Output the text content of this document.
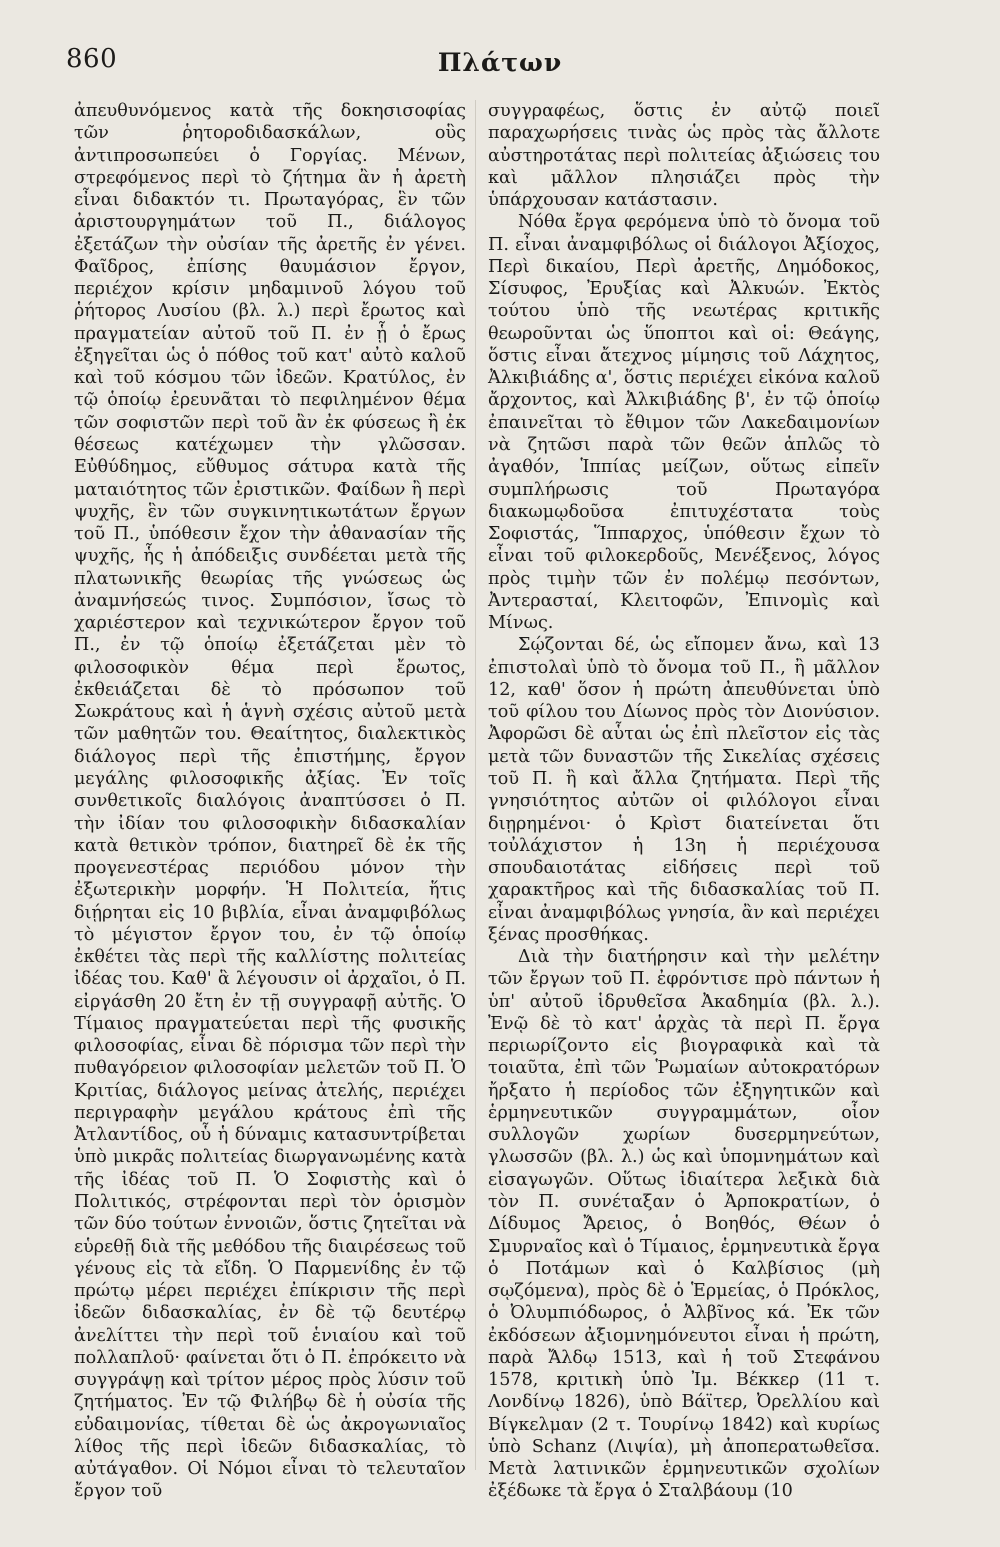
860	Πλάτων

ἀπευθυνόμενος κατὰ τῆς δοκησισοφίας τῶν ῥητοροδιδασκάλων, οὓς ἀντιπροσωπεύει ὁ Γοργίας. Μένων, στρεφόμενος περὶ τὸ ζήτημα ἂν ἡ ἀρετὴ εἶναι διδακτόν τι. Πρωταγόρας, ἓν τῶν ἀριστουργημάτων τοῦ Π., διάλογος ἐξετάζων τὴν οὐσίαν τῆς ἀρετῆς ἐν γένει. Φαῖδρος, ἐπίσης θαυμάσιον ἔργον, περιέχον κρίσιν μηδαμινοῦ λόγου τοῦ ῥήτορος Λυσίου (βλ. λ.) περὶ ἔρωτος καὶ πραγματείαν αὐτοῦ τοῦ Π. ἐν ᾗ ὁ ἔρως ἐξηγεῖται ὡς ὁ πόθος τοῦ κατ' αὐτὸ καλοῦ καὶ τοῦ κόσμου τῶν ἰδεῶν. Κρατύλος, ἐν τῷ ὁποίῳ ἐρευνᾶται τὸ πεφιλημένον θέμα τῶν σοφιστῶν περὶ τοῦ ἂν ἐκ φύσεως ἢ ἐκ θέσεως κατέχωμεν τὴν γλῶσσαν. Εὐθύδημος, εὔθυμος σάτυρα κατὰ τῆς ματαιότητος τῶν ἐριστικῶν. Φαίδων ἢ περὶ ψυχῆς, ἓν τῶν συγκινητικωτάτων ἔργων τοῦ Π., ὑπόθεσιν ἔχον τὴν ἀθανασίαν τῆς ψυχῆς, ἧς ἡ ἀπόδειξις συνδέεται μετὰ τῆς πλατωνικῆς θεωρίας τῆς γνώσεως ὡς ἀναμνήσεώς τινος. Συμπόσιον, ἴσως τὸ χαριέστερον καὶ τεχνικώτερον ἔργον τοῦ Π., ἐν τῷ ὁποίῳ ἐξετάζεται μὲν τὸ φιλοσοφικὸν θέμα περὶ ἔρωτος, ἐκθειάζεται δὲ τὸ πρόσωπον τοῦ Σωκράτους καὶ ἡ ἁγνὴ σχέσις αὐτοῦ μετὰ τῶν μαθητῶν του. Θεαίτητος, διαλεκτικὸς διάλογος περὶ τῆς ἐπιστήμης, ἔργον μεγάλης φιλοσοφικῆς ἀξίας. Ἐν τοῖς συνθετικοῖς διαλόγοις ἀναπτύσσει ὁ Π. τὴν ἰδίαν του φιλοσοφικὴν διδασκαλίαν κατὰ θετικὸν τρόπον, διατηρεῖ δὲ ἐκ τῆς προγενεστέρας περιόδου μόνον τὴν ἐξωτερικὴν μορφήν. Ἡ Πολιτεία, ἥτις διῄρηται εἰς 10 βιβλία, εἶναι ἀναμφιβόλως τὸ μέγιστον ἔργον του, ἐν τῷ ὁποίῳ ἐκθέτει τὰς περὶ τῆς καλλίστης πολιτείας ἰδέας του. Καθ' ἃ λέγουσιν οἱ ἀρχαῖοι, ὁ Π. εἰργάσθη 20 ἔτη ἐν τῇ συγγραφῇ αὐτῆς. Ὁ Τίμαιος πραγματεύεται περὶ τῆς φυσικῆς φιλοσοφίας, εἶναι δὲ πόρισμα τῶν περὶ τὴν πυθαγόρειον φιλοσοφίαν μελετῶν τοῦ Π. Ὁ Κριτίας, διάλογος μείνας ἀτελής, περιέχει περιγραφὴν μεγάλου κράτους ἐπὶ τῆς Ἀτλαντίδος, οὗ ἡ δύναμις κατασυντρίβεται ὑπὸ μικρᾶς πολιτείας διωργανωμένης κατὰ τῆς ἰδέας τοῦ Π. Ὁ Σοφιστὴς καὶ ὁ Πολιτικός, στρέφονται περὶ τὸν ὁρισμὸν τῶν δύο τούτων ἐννοιῶν, ὅστις ζητεῖται νὰ εὑρεθῇ διὰ τῆς μεθόδου τῆς διαιρέσεως τοῦ γένους εἰς τὰ εἴδη. Ὁ Παρμενίδης ἐν τῷ πρώτῳ μέρει περιέχει ἐπίκρισιν τῆς περὶ ἰδεῶν διδασκαλίας, ἐν δὲ τῷ δευτέρῳ ἀνελίττει τὴν περὶ τοῦ ἑνιαίου καὶ τοῦ πολλαπλοῦ· φαίνεται ὅτι ὁ Π. ἐπρόκειτο νὰ συγγράψῃ καὶ τρίτον μέρος πρὸς λύσιν τοῦ ζητήματος. Ἐν τῷ Φιλήβῳ δὲ ἡ οὐσία τῆς εὐδαιμονίας, τίθεται δὲ ὡς ἀκρογωνιαῖος λίθος τῆς περὶ ἰδεῶν διδασκαλίας, τὸ αὐτάγαθον. Οἱ Νόμοι εἶναι τὸ τελευταῖον ἔργον τοῦ

συγγραφέως, ὅστις ἐν αὐτῷ ποιεῖ παραχωρήσεις τινὰς ὡς πρὸς τὰς ἄλλοτε αὐστηροτάτας περὶ πολιτείας ἀξιώσεις του καὶ μᾶλλον πλησιάζει πρὸς τὴν ὑπάρχουσαν κατάστασιν.

Νόθα ἔργα φερόμενα ὑπὸ τὸ ὄνομα τοῦ Π. εἶναι ἀναμφιβόλως οἱ διάλογοι Ἀξίοχος, Περὶ δικαίου, Περὶ ἀρετῆς, Δημόδοκος, Σίσυφος, Ἐρυξίας καὶ Ἀλκυών. Ἐκτὸς τούτου ὑπὸ τῆς νεωτέρας κριτικῆς θεωροῦνται ὡς ὕποπτοι καὶ οἱ: Θεάγης, ὅστις εἶναι ἄτεχνος μίμησις τοῦ Λάχητος, Ἀλκιβιάδης α', ὅστις περιέχει εἰκόνα καλοῦ ἄρχοντος, καὶ Ἀλκιβιάδης β', ἐν τῷ ὁποίῳ ἐπαινεῖται τὸ ἔθιμον τῶν Λακεδαιμονίων νὰ ζητῶσι παρὰ τῶν θεῶν ἁπλῶς τὸ ἀγαθόν, Ἱππίας μείζων, οὕτως εἰπεῖν συμπλήρωσις τοῦ Πρωταγόρα διακωμῳδοῦσα ἐπιτυχέστατα τοὺς Σοφιστάς, Ἵππαρχος, ὑπόθεσιν ἔχων τὸ εἶναι τοῦ φιλοκερδοῦς, Μενέξενος, λόγος πρὸς τιμὴν τῶν ἐν πολέμῳ πεσόντων, Ἀντερασταί, Κλειτοφῶν, Ἐπινομὶς καὶ Μίνως.

Σῴζονται δέ, ὡς εἴπομεν ἄνω, καὶ 13 ἐπιστολαὶ ὑπὸ τὸ ὄνομα τοῦ Π., ἢ μᾶλλον 12, καθ' ὅσον ἡ πρώτη ἀπευθύνεται ὑπὸ τοῦ φίλου του Δίωνος πρὸς τὸν Διονύσιον. Ἀφορῶσι δὲ αὗται ὡς ἐπὶ πλεῖστον εἰς τὰς μετὰ τῶν δυναστῶν τῆς Σικελίας σχέσεις τοῦ Π. ἢ καὶ ἄλλα ζητήματα. Περὶ τῆς γνησιότητος αὐτῶν οἱ φιλόλογοι εἶναι διῃρημένοι· ὁ Κρὶστ διατείνεται ὅτι τοὐλάχιστον ἡ 13η ἡ περιέχουσα σπουδαιοτάτας εἰδήσεις περὶ τοῦ χαρακτῆρος καὶ τῆς διδασκαλίας τοῦ Π. εἶναι ἀναμφιβόλως γνησία, ἂν καὶ περιέχει ξένας προσθήκας.

Διὰ τὴν διατήρησιν καὶ τὴν μελέτην τῶν ἔργων τοῦ Π. ἐφρόντισε πρὸ πάντων ἡ ὑπ' αὐτοῦ ἱδρυθεῖσα Ἀκαδημία (βλ. λ.). Ἐνῷ δὲ τὸ κατ' ἀρχὰς τὰ περὶ Π. ἔργα περιωρίζοντο εἰς βιογραφικὰ καὶ τὰ τοιαῦτα, ἐπὶ τῶν Ῥωμαίων αὐτοκρατόρων ἤρξατο ἡ περίοδος τῶν ἐξηγητικῶν καὶ ἑρμηνευτικῶν συγγραμμάτων, οἷον συλλογῶν χωρίων δυσερμηνεύτων, γλωσσῶν (βλ. λ.) ὡς καὶ ὑπομνημάτων καὶ εἰσαγωγῶν. Οὕτως ἰδιαίτερα λεξικὰ διὰ τὸν Π. συνέταξαν ὁ Ἀρποκρατίων, ὁ Δίδυμος Ἄρειος, ὁ Βοηθός, Θέων ὁ Σμυρναῖος καὶ ὁ Τίμαιος, ἑρμηνευτικὰ ἔργα ὁ Ποτάμων καὶ ὁ Καλβίσιος (μὴ σῳζόμενα), πρὸς δὲ ὁ Ἑρμείας, ὁ Πρόκλος, ὁ Ὀλυμπιόδωρος, ὁ Ἀλβῖνος κά. Ἐκ τῶν ἐκδόσεων ἀξιομνημόνευτοι εἶναι ἡ πρώτη, παρὰ Ἄλδῳ 1513, καὶ ἡ τοῦ Στεφάνου 1578, κριτικὴ ὑπὸ Ἰμ. Βέκκερ (11 τ. Λονδίνῳ 1826), ὑπὸ Βάϊτερ, Ὀρελλίου καὶ Βίγκελμαν (2 τ. Τουρίνῳ 1842) καὶ κυρίως ὑπὸ Schanz (Λιψία), μὴ ἀποπερατωθεῖσα. Μετὰ λατινικῶν ἑρμηνευτικῶν σχολίων ἐξέδωκε τὰ ἔργα ὁ Σταλβάουμ (10
